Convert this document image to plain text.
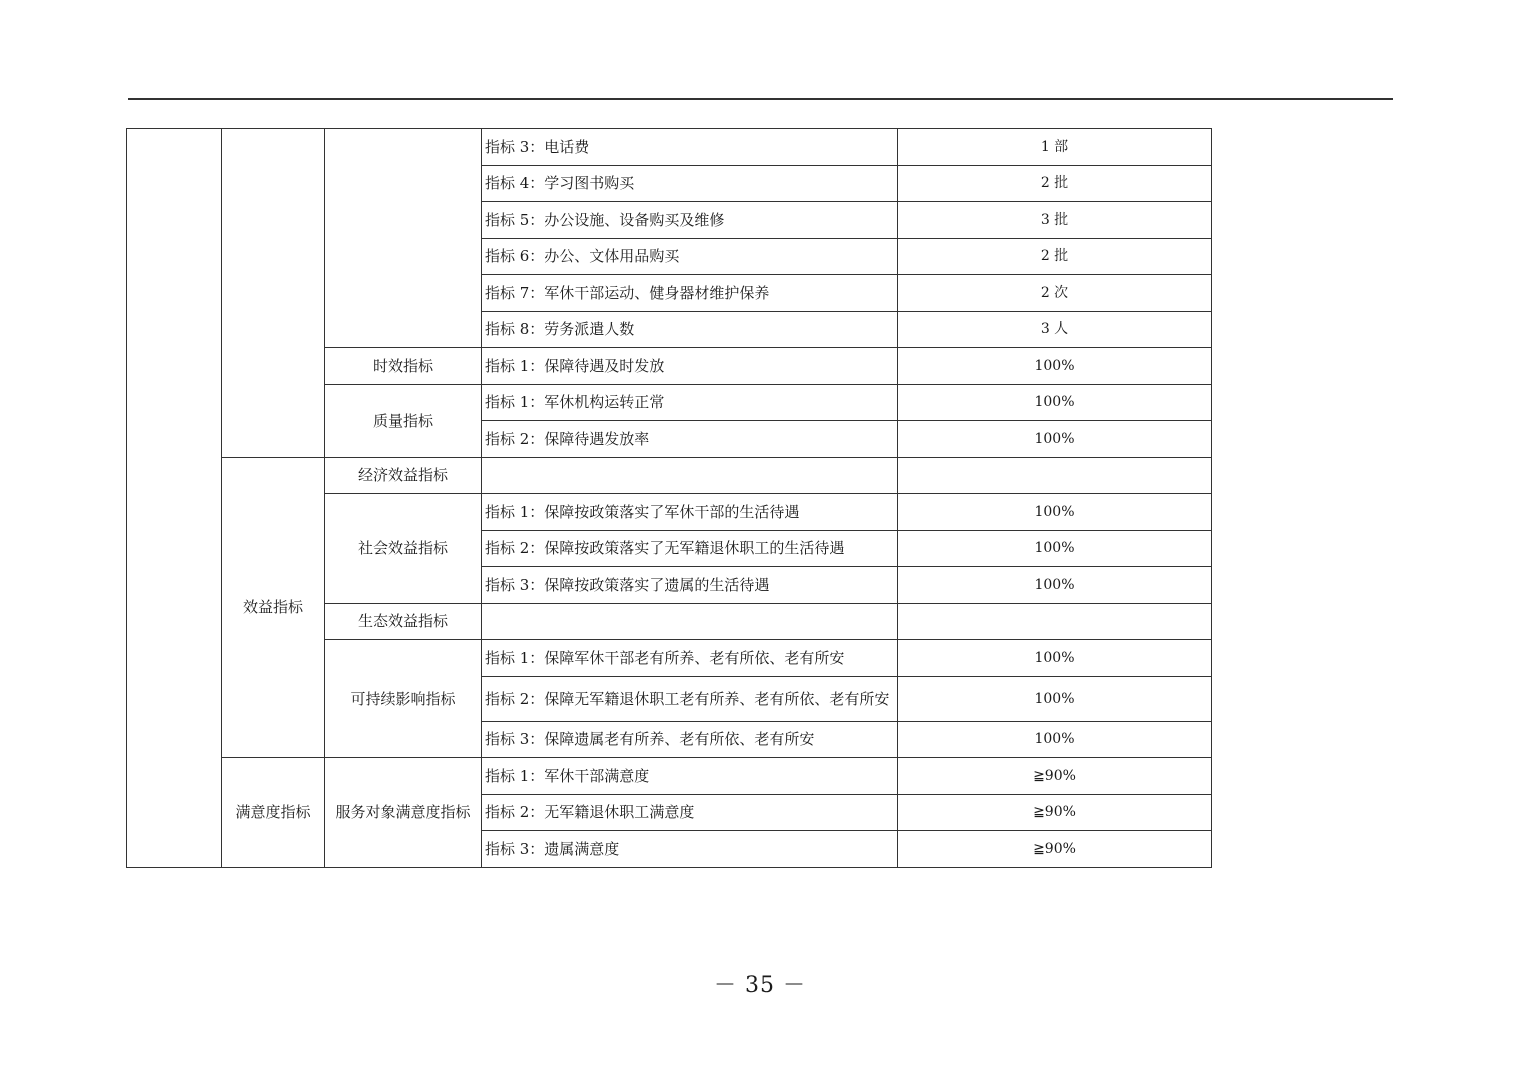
			指标 3：电话费	1 部
			指标 4：学习图书购买	2 批
			指标 5：办公设施、设备购买及维修	3 批
			指标 6：办公、文体用品购买	2 批
			指标 7：军休干部运动、健身器材维护保养	2 次
			指标 8：劳务派遣人数	3 人
		时效指标	指标 1：保障待遇及时发放	100%
		质量指标	指标 1：军休机构运转正常	100%
			指标 2：保障待遇发放率	100%
	效益指标	经济效益指标		
		社会效益指标	指标 1：保障按政策落实了军休干部的生活待遇	100%
			指标 2：保障按政策落实了无军籍退休职工的生活待遇	100%
			指标 3：保障按政策落实了遗属的生活待遇	100%
		生态效益指标		
		可持续影响指标	指标 1：保障军休干部老有所养、老有所依、老有所安	100%
			指标 2：保障无军籍退休职工老有所养、老有所依、老有所安	100%
			指标 3：保障遗属老有所养、老有所依、老有所安	100%
	满意度指标	服务对象满意度指标	指标 1：军休干部满意度	≧90%
			指标 2：无军籍退休职工满意度	≧90%
			指标 3：遗属满意度	≧90%
－ 35 －
